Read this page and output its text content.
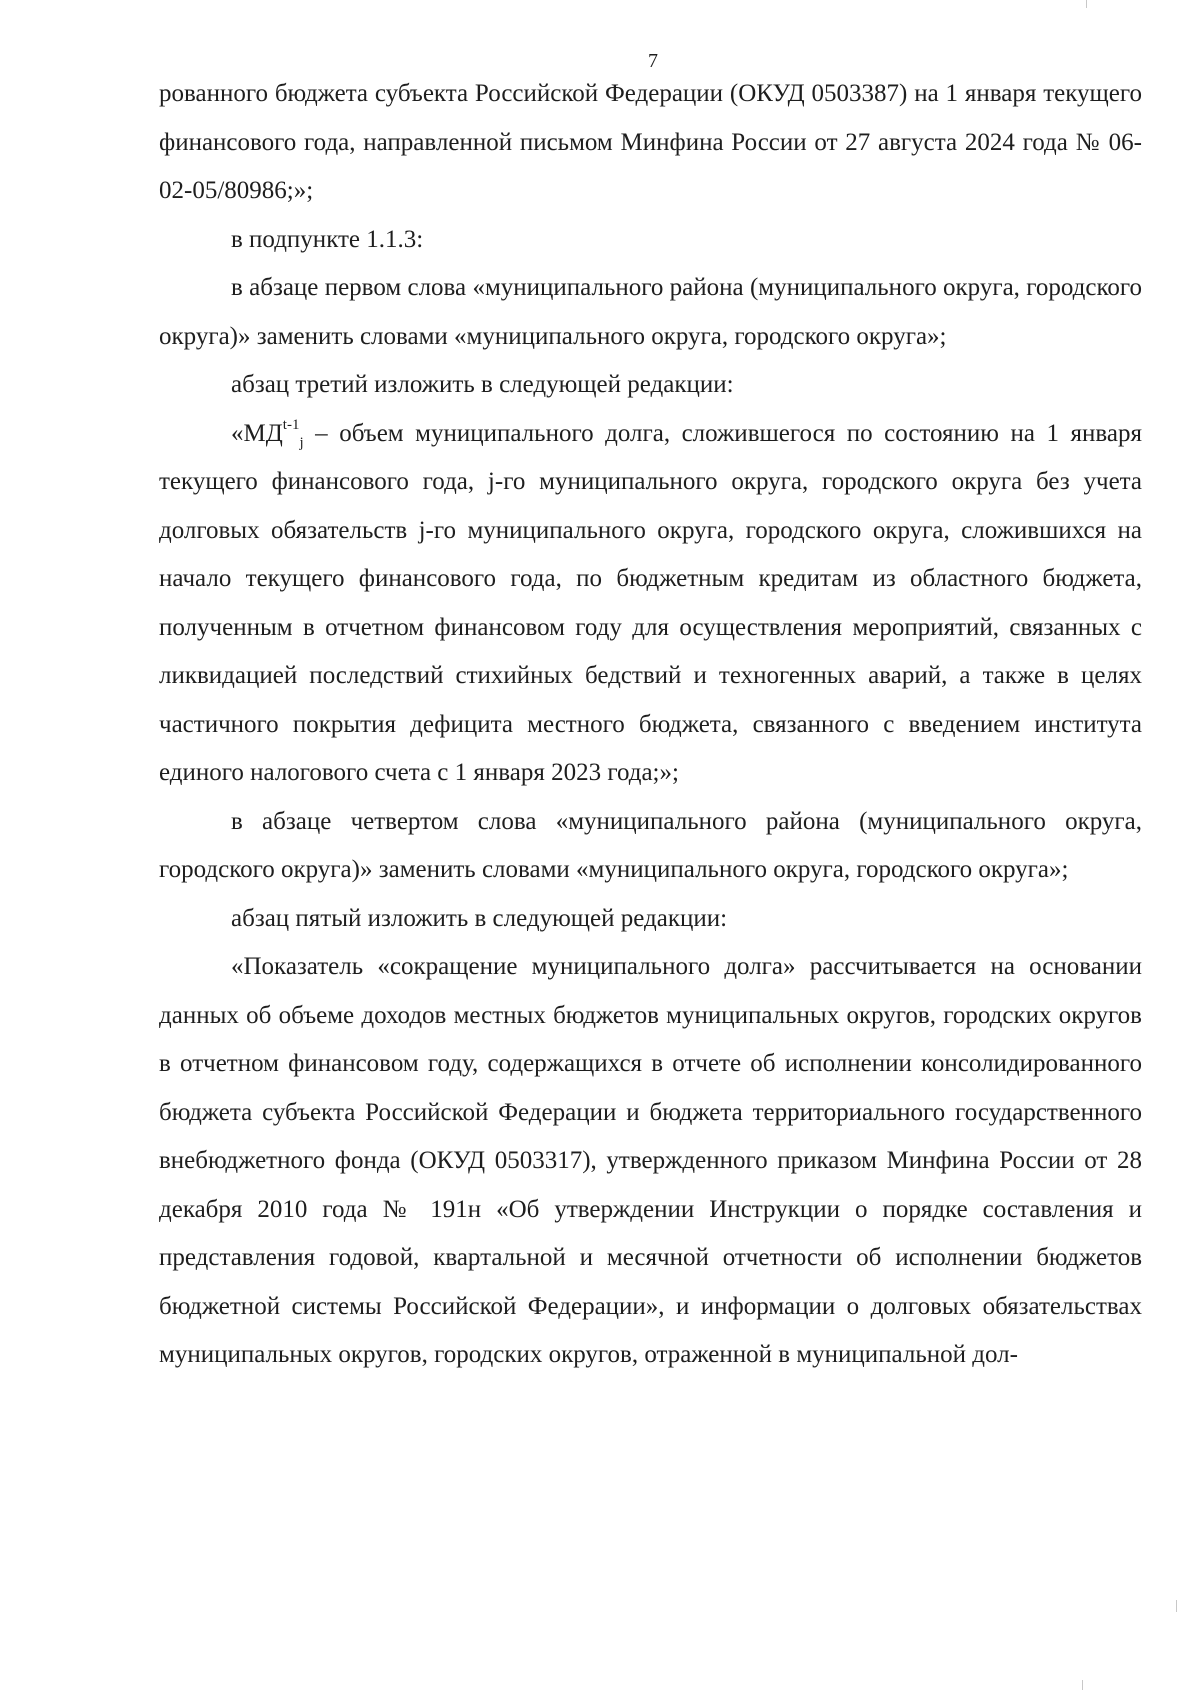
7

рованного бюджета субъекта Российской Федерации (ОКУД 0503387) на 1 января текущего финансового года, направленной письмом Минфина России от 27 августа 2024 года № 06-02-05/80986;»;

в подпункте 1.1.3:

в абзаце первом слова «муниципального района (муниципального округа, городского округа)» заменить словами «муниципального округа, городского округа»;

абзац третий изложить в следующей редакции:

«$МД^{t-1}_j$ – объем муниципального долга, сложившегося по состоянию на 1 января текущего финансового года, j-го муниципального округа, городского округа без учета долговых обязательств j-го муниципального округа, городского округа, сложившихся на начало текущего финансового года, по бюджетным кредитам из областного бюджета, полученным в отчетном финансовом году для осуществления мероприятий, связанных с ликвидацией последствий стихийных бедствий и техногенных аварий, а также в целях частичного покрытия дефицита местного бюджета, связанного с введением института единого налогового счета с 1 января 2023 года;»;

в абзаце четвертом слова «муниципального района (муниципального округа, городского округа)» заменить словами «муниципального округа, городского округа»;

абзац пятый изложить в следующей редакции:

«Показатель «сокращение муниципального долга» рассчитывается на основании данных об объеме доходов местных бюджетов муниципальных округов, городских округов в отчетном финансовом году, содержащихся в отчете об исполнении консолидированного бюджета субъекта Российской Федерации и бюджета территориального государственного внебюджетного фонда (ОКУД 0503317), утвержденного приказом Минфина России от 28 декабря 2010 года № 191н «Об утверждении Инструкции о порядке составления и представления годовой, квартальной и месячной отчетности об исполнении бюджетов бюджетной системы Российской Федерации», и информации о долговых обязательствах муниципальных округов, городских округов, отраженной в муниципальной дол-
